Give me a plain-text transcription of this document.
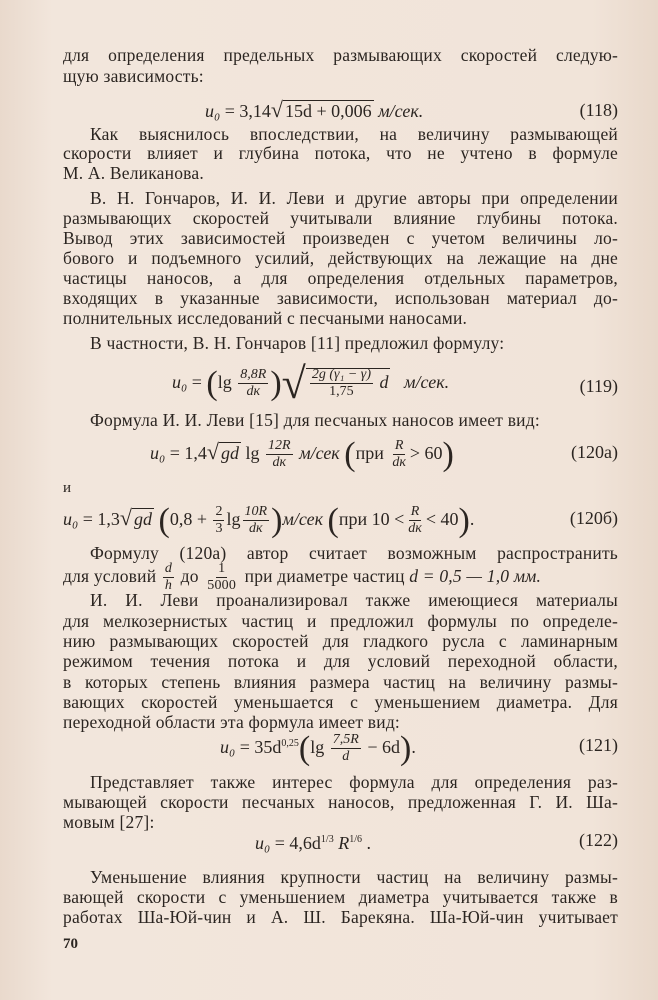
для определения предельных размывающих скоростей следую-
щую зависимость:
u₀ = 3,14√ 15d + 0,006 м/сек.	(118)
Как выяснилось впоследствии, на величину размывающей
скорости влияет и глубина потока, что не учтено в формуле
М. А. Великанова.
В. Н. Гончаров, И. И. Леви и другие авторы при определении
размывающих скоростей учитывали влияние глубины потока.
Вывод этих зависимостей произведен с учетом величины ло-
бового и подъемного усилий, действующих на лежащие на дне
частицы наносов, а для определения отдельных параметров,
входящих в указанные зависимости, использован материал до-
полнительных исследований с песчаными наносами.
В частности, В. Н. Гончаров [11] предложил формулу:
$u_0 = (\lg \frac{8,8R}{dк}$ )√ $\frac{\text{2g (γ₁ − γ)}}{1,75}$ d м/сек.	(119)
Формула И. И. Леви [15] для песчаных наносов имеет вид:
u₀ = 1,4√ gd $\lg \frac{12R}{dк} м/сек$ $(при \frac{R}{dк} > 60)$	(120а)
и
u₀ = 1,3√ gd ($0,8 + \frac{2}{3}$ $\lg \frac{10R}{dк} )м/сек$ (при $10 < \frac{R}{dк} < 40$).	(120б)
Формулу (120а) автор считает возможным распространить
для условий $\frac{d}{h}$ до $\frac{1}{5000}$ при диаметре частиц d = 0,5 — 1,0 мм.
И. И. Леви проанализировал также имеющиеся материалы
для мелкозернистых частиц и предложил формулы по определе-
нию размывающих скоростей для гладкого русла с ламинарным
режимом течения потока и для условий переходной области,
в которых степень влияния размера частиц на величину размы-
вающих скоростей уменьшается с уменьшением диаметра. Для
переходной области эта формула имеет вид:
$u_0 = 35d^{0,25}(\lg \frac{7,5R}{d} - 6d)$.	(121)
Представляет также интерес формула для определения раз-
мывающей скорости песчаных наносов, предложенная Г. И. Ша-
мовым [27]:
$u_0 = 4,6d^{1/3}$ $R^{1/6}$ .	(122)
Уменьшение влияния крупности частиц на величину размы-
вающей скорости с уменьшением диаметра учитывается также в
работах Ша-Юй-чин и А. Ш. Барекяна. Ша-Юй-чин учитывает
70
